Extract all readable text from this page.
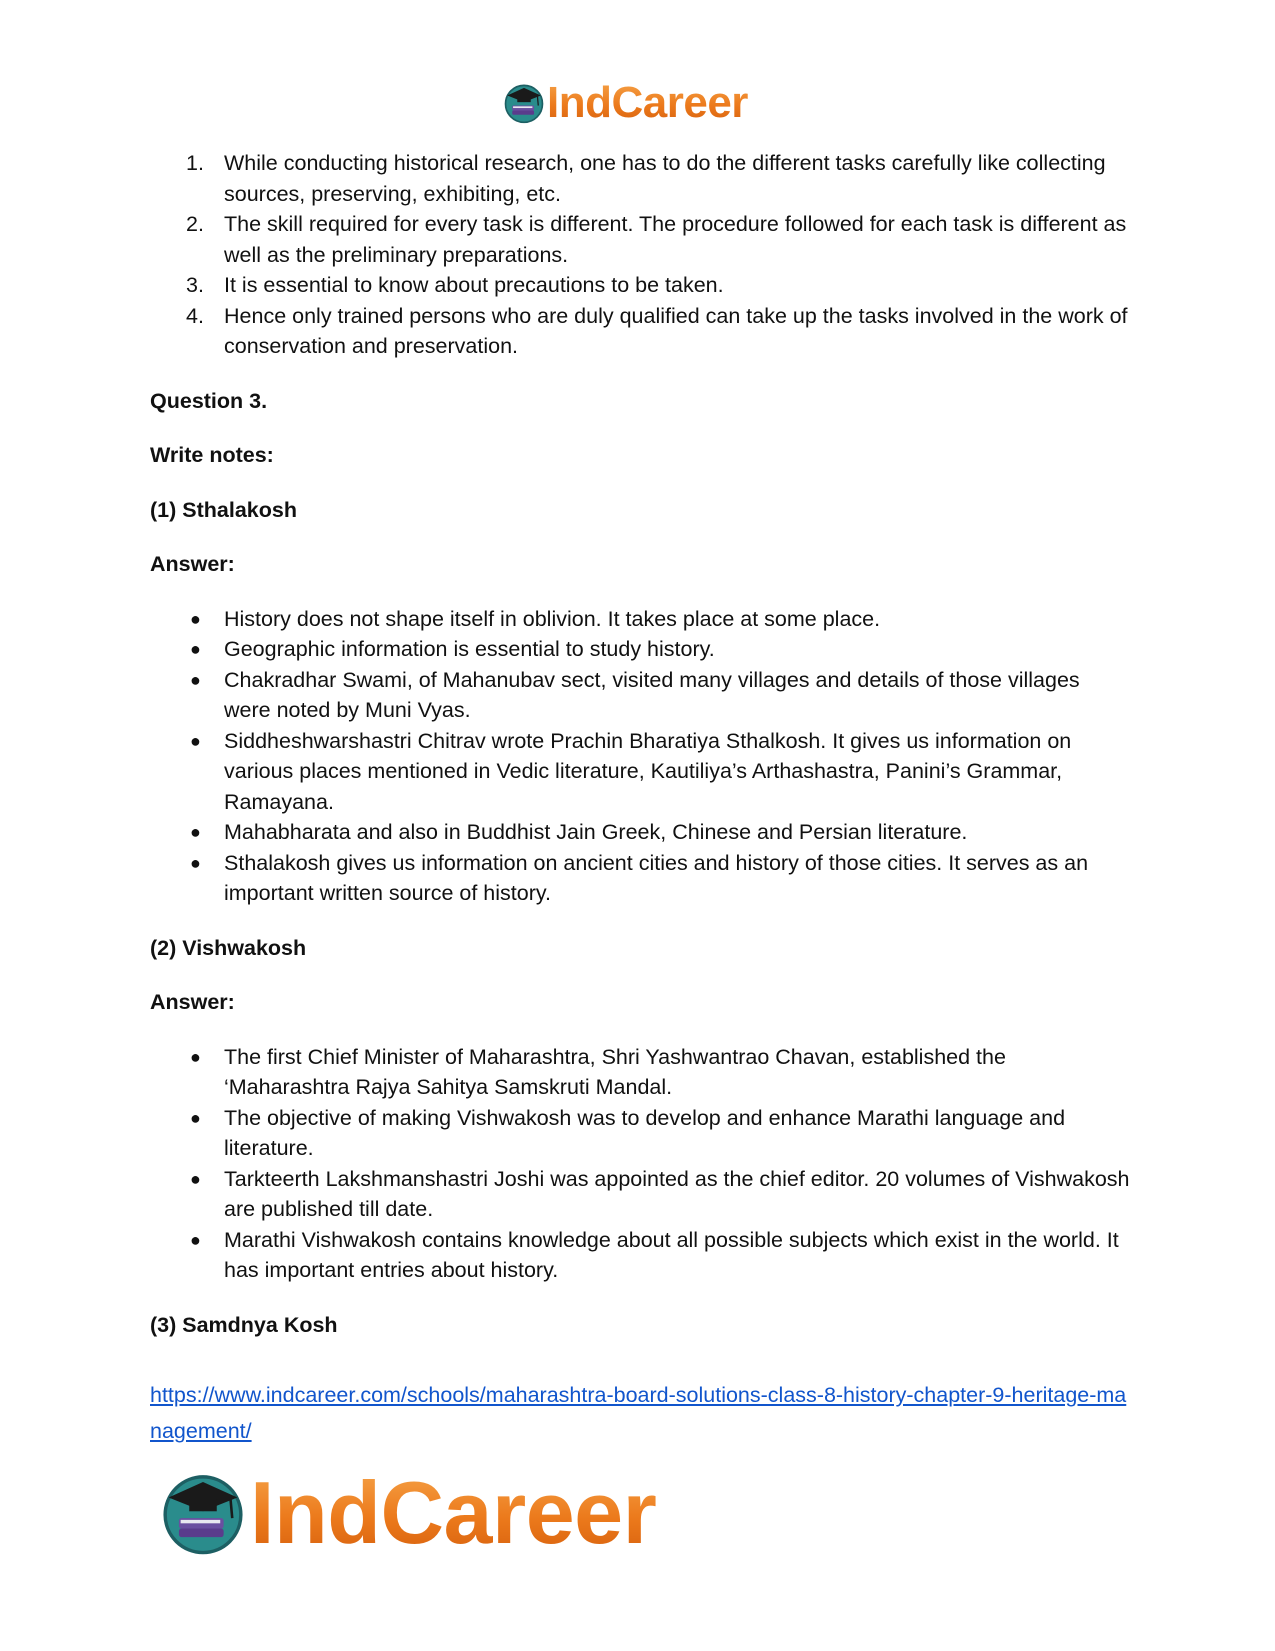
IndCareer
1. While conducting historical research, one has to do the different tasks carefully like collecting sources, preserving, exhibiting, etc.
2. The skill required for every task is different. The procedure followed for each task is different as well as the preliminary preparations.
3. It is essential to know about precautions to be taken.
4. Hence only trained persons who are duly qualified can take up the tasks involved in the work of conservation and preservation.

Question 3.

Write notes:

(1) Sthalakosh

Answer:

● History does not shape itself in oblivion. It takes place at some place.
● Geographic information is essential to study history.
● Chakradhar Swami, of Mahanubav sect, visited many villages and details of those villages were noted by Muni Vyas.
● Siddheshwarshastri Chitrav wrote Prachin Bharatiya Sthalkosh. It gives us information on various places mentioned in Vedic literature, Kautiliya’s Arthashastra, Panini’s Grammar, Ramayana.
● Mahabharata and also in Buddhist Jain Greek, Chinese and Persian literature.
● Sthalakosh gives us information on ancient cities and history of those cities. It serves as an important written source of history.

(2) Vishwakosh

Answer:

● The first Chief Minister of Maharashtra, Shri Yashwantrao Chavan, established the ‘Maharashtra Rajya Sahitya Samskruti Mandal.
● The objective of making Vishwakosh was to develop and enhance Marathi language and literature.
● Tarkteerth Lakshmanshastri Joshi was appointed as the chief editor. 20 volumes of Vishwakosh are published till date.
● Marathi Vishwakosh contains knowledge about all possible subjects which exist in the world. It has important entries about history.

(3) Samdnya Kosh

https://www.indcareer.com/schools/maharashtra-board-solutions-class-8-history-chapter-9-heritage-management/
IndCareer
